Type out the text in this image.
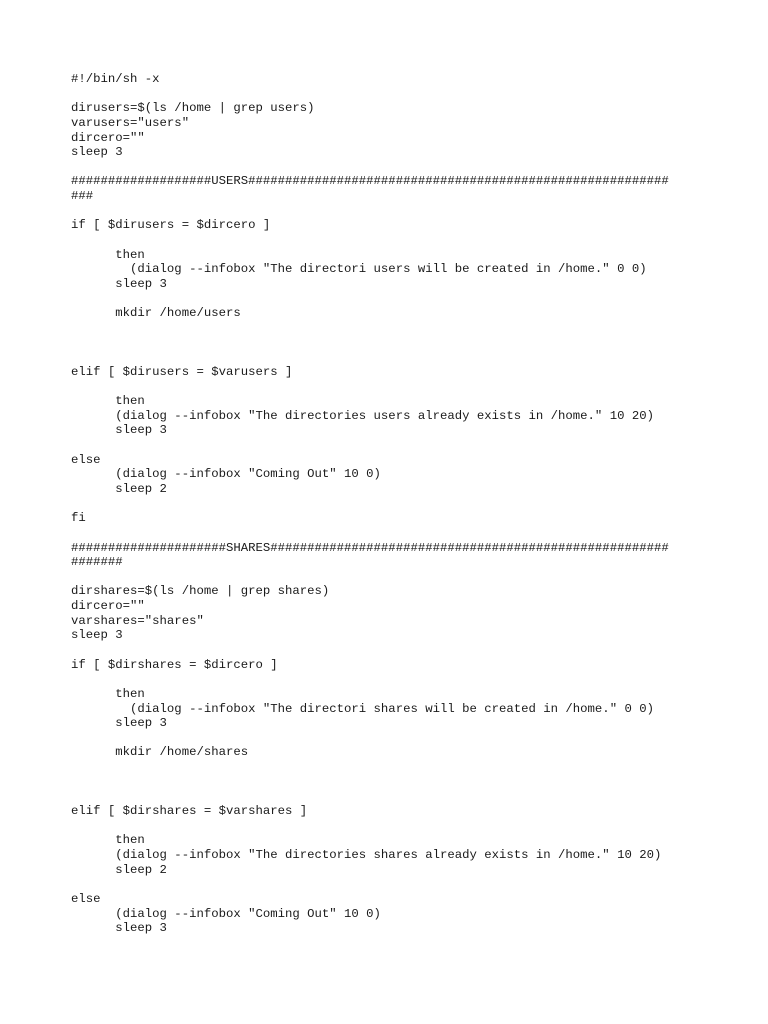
#!/bin/sh -x
dirusers=$(ls /home | grep users)
varusers="users"
dircero=""
sleep 3
###################USERS#########################################################
###
if [ $dirusers = $dircero ]
then
(dialog --infobox "The directori users will be created in /home." 0 0)
sleep 3
mkdir /home/users
elif [ $dirusers = $varusers ]
then
(dialog --infobox "The directories users already exists in /home." 10 20)
sleep 3
else
(dialog --infobox "Coming Out" 10 0)
sleep 2
fi
#####################SHARES######################################################
#######
dirshares=$(ls /home | grep shares)
dircero=""
varshares="shares"
sleep 3
if [ $dirshares = $dircero ]
then
(dialog --infobox "The directori shares will be created in /home." 0 0)
sleep 3
mkdir /home/shares
elif [ $dirshares = $varshares ]
then
(dialog --infobox "The directories shares already exists in /home." 10 20)
sleep 2
else
(dialog --infobox "Coming Out" 10 0)
sleep 3
